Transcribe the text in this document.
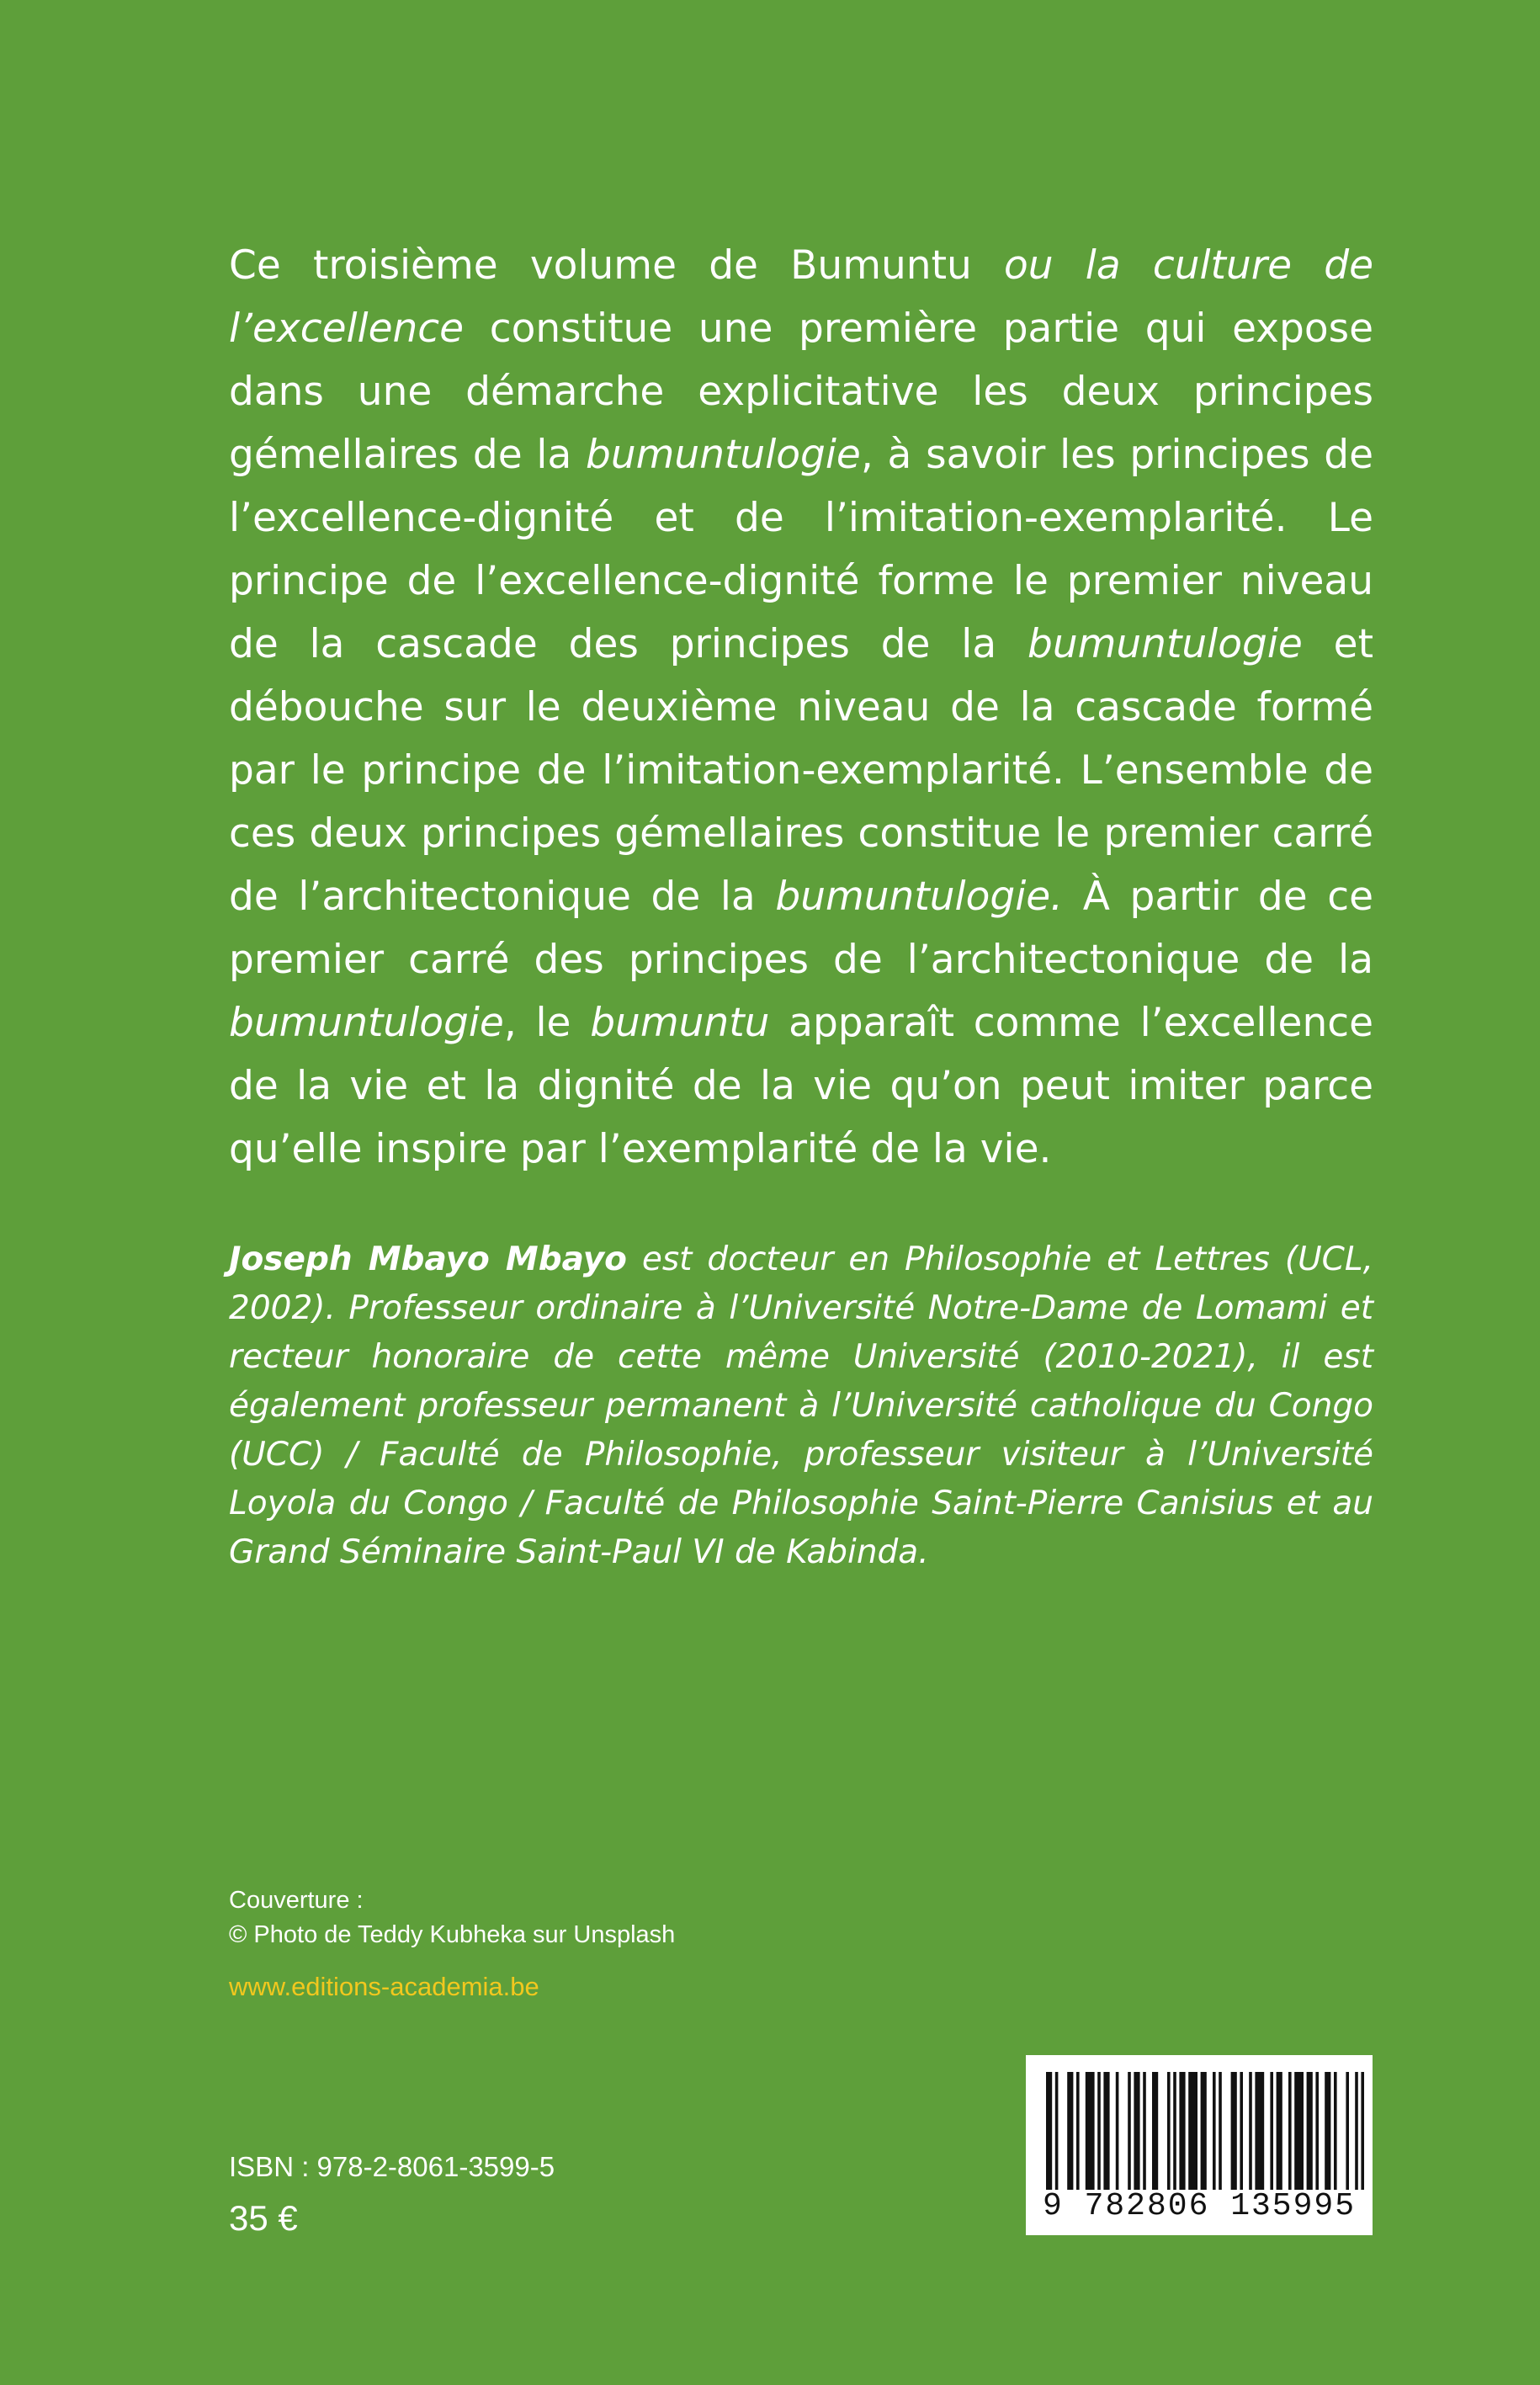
Ce troisième volume de Bumuntu ou la culture de l’excellence constitue une première partie qui expose dans une démarche explicitative les deux principes gémellaires de la bumuntulogie, à savoir les principes de l’excellence-dignité et de l’imitation-exemplarité. Le principe de l’excellence-dignité forme le premier niveau de la cascade des principes de la bumuntulogie et débouche sur le deuxième niveau de la cascade formé par le principe de l’imitation-exemplarité. L’ensemble de ces deux principes gémellaires constitue le premier carré de l’architectonique de la bumuntulogie. À partir de ce premier carré des principes de l’architectonique de la bumuntulogie, le bumuntu apparaît comme l’excellence de la vie et la dignité de la vie qu’on peut imiter parce qu’elle inspire par l’exemplarité de la vie.

Joseph Mbayo Mbayo est docteur en Philosophie et Lettres (UCL, 2002). Professeur ordinaire à l’Université Notre-Dame de Lomami et recteur honoraire de cette même Université (2010-2021), il est également professeur permanent à l’Université catholique du Congo (UCC) / Faculté de Philosophie, professeur visiteur à l’Université Loyola du Congo / Faculté de Philosophie Saint-Pierre Canisius et au Grand Séminaire Saint-Paul VI de Kabinda.

Couverture :
© Photo de Teddy Kubheka sur Unsplash
www.editions-academia.be
ISBN : 978-2-8061-3599-5
35 €	9 782806 135995
